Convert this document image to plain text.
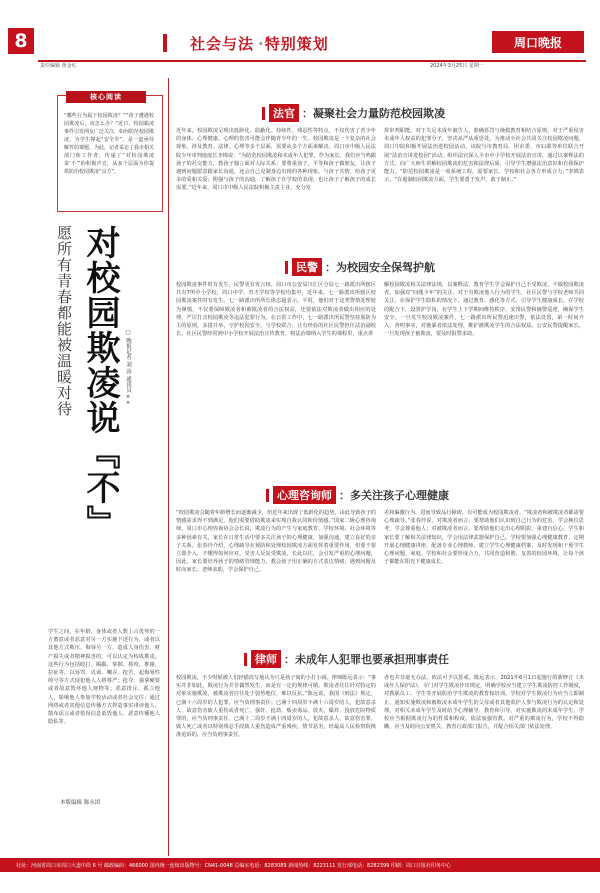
8
责任编辑 黄金红
社会与法 ·特别策划	周口晚报
2024年3月25日 星期一
核心阅读

“哪些行为属于校园欺凌？”“孩子遭遇校园欺凌后，该怎么办？”近日，校园霸凌事件引发网友广泛关注，如何防范校园欺凌，为学生撑起“安全伞”，是一道亟待解答的课题。为此，记者采访了我市相关部门和工作者，传递了“对校园欺凌说‘不’”的积极声音，从多个层面为你提供防治校园欺凌“良方”。

愿所有青春都能被温暖对待 对校园欺凌说『不』 □ 晚报记者 刘 涛 通讯员 ××

学生之间，在年龄、身体或者人数上占优势的一方蓄意或者恶意对另一方实施下述行为，或者以其他方式欺压、侮辱另一方，造成人身伤害、财产损失或者精神损害的，可以认定为构成欺凌。这些行为包括殴打、踢踹、掌掴、抓咬、推撞、拉扯等，以辱骂、讥讽、嘲弄、挖苦、起侮辱性绰号等方式侵犯他人人格尊严；抢夺、强拿硬要或者故意毁坏他人财物等；恶意排斥、孤立他人，影响他人参加学校活动或者社会交往；通过网络或者其他信息传播方式捏造事实诽谤他人、散布谣言或者错误信息诋毁他人、恶意传播他人隐私等。

本版编辑 陈永团
法官 ：凝聚社会力量防范校园欺凌

近年来，校园欺凌呈现出低龄化、隐蔽化、持续性、残忍性等特点，不仅伤害了青少年的身体、心理健康，心理的伤害可能会伴随青少年的一生。校园欺凌是一个复杂的社会现象，涉及教育、法律、心理等多个层面，需要从多个方面来解决。周口市中级人民法院少年审判庭庭长李锦说：“为防范校园欺凌和未成年人犯罪，作为家长，我们应当鸣跟孩子的社交能力，教孩子独立面对人际关系；要尊重孩子，平等和孩子做朋友，让孩子遇到问题愿意跟家长沟通，还会自己克制身边出现的各种现象，与孩子共情，给孩子更多的爱和关爱；附强与孩子的沟通，了解孩子在学校的表现，也让孩子了解孩子的成长需要。”近年来，周口市中级人民法院积极主责主业，充分发

挥审判职能，对于失足未成年被告人，准确惩罚与挽救教育相结合原则，对于严重侵害未成年人权益的犯罪分子，坚决从严从重惩处。为推动全社会共同关注校园欺凌问题，周口中院积极开展法治进校园活动。该院与市教育局、团市委、市妇联等单位联合开展“法治宣讲进校园”活动，组织法官深入全市中小学校开展法治宣讲，通过以案释法的方式，向广大师生讲解校园欺凌的危害和法律后果，引导学生增强法治意识和自我保护能力。“防范校园欺凌是一项系统工程，需要家长、学校和社会各方形成合力，”李锦表示，“在遏制校园欺凌方面，学生要勇于发声、敢于制止。”

民警 ：为校园安全保驾护航

校园欺凌事件时有发生，民警更有发言权。周口市公安局川汇区分局七一路派出所辖区共有7所中小学校，周口中学、育才学校等学校均集中，近年来，七一路派出所辖区校园欺凌案件时有发生。七一路派出所所长徐志超表示，平时，他们对于这类警情处理较为谨慎，不仅要保障欺凌者和被欺凌者的合法权益，还要依法对欺凌者做出相应的处理，严厉打击校园欺凌等违法犯罪行为。在日常工作中，七一路派出所民警坚持预防为主的原则，多措并举，守护校园安全。与学校联合，让有经验的社区民警担任法治副校长，社区民警经常到中小学校开展法治宣传教育，将法治课纳入学生的课程里，重点讲

解校园欺凌相关法律法规，以案释法，教育学生学会保护自己不受欺凌，不做校园欺凌者。加强对“问题少年”的关注，对于有欺凌他人行为的学生，社区民警与学校老师共同关注，在保护学生隐私的情况下，通过教育、感化等方式，引导学生健康成长。在学校的配合下，设置护学岗，在学生上下学期间维持秩序，安排民警和辅警巡逻，确保学生安全。一旦发生校园欺凌案件，七一路派出所民警迅速出警，依法处置，第一时间介入，查明事实，对施暴者依法处理，维护被欺凌学生的合法权益。公安民警提醒家长，一旦发现孩子被欺凌，要及时报警求助。

心理咨询师 ：多关注孩子心理健康

“校园欺凌会随着年龄增长而逐渐减少，但近年来出现了低龄化的趋势，由此导致孩子的情感需求得不到满足，他们需要借助欺凌来实现自我认同和价值感。”国家二级心理咨询师、周口市心理咨询协会会长说，欺凌行为的产生与家庭教育、学校环境、社会环境等多种因素有关，家长在日常生活中要多关注孩子的心理健康，加强沟通，建立良好的亲子关系。张春玲介绍，心理疏导在预防和处理校园欺凌方面发挥着重要作用，但要不要立即介入，不懂得如何应对，受害人反复受欺凌，长此以往，会引发严重的心理问题。因此，家长要培养孩子的情绪管理能力，教会孩子用正确的方式表达情绪，遇到问题及时向家长、老师求助，学会保护自己。

差和偏激行为，进而导致品行障碍，有可能成为校园欺凌者。“欺凌者和被欺凌者都需要心理疏导。”张春玲说，对欺凌者而言，要帮助他们认识到自己行为的危害，学会换位思考，学会尊重他人；对被欺凌者而言，要帮助他们走出心理阴影，重建自信心。学生和家长要了解相关法律知识，学会用法律武器保护自己。学校要加强心理健康教育，定期开展心理健康讲座，配备专业心理教师，建立学生心理健康档案，及时发现和干预学生心理问题。家庭、学校和社会要形成合力，共同营造和谐、友善的校园环境，让每个孩子都能在阳光下健康成长。

律师 ：未成年人犯罪也要承担刑事责任

校园欺凌，不少时候被人们轻描淡写地认为只是孩子间的小打小闹。律师陈远表示：“事实并非如此，欺凌行为并非偶然发生，而是有一定的规律可循。欺凌者往往针对特定的对象实施欺凌，被欺凌者往往处于弱势地位，难以反抗。”陈远说，我国《刑法》规定，已满十六周岁的人犯罪，应当负刑事责任；已满十四周岁不满十六周岁的人，犯故意杀人、故意伤害致人重伤或者死亡、强奸、抢劫、贩卖毒品、放火、爆炸、投放危险物质罪的，应当负刑事责任。已满十二周岁不满十四周岁的人，犯故意杀人、故意伤害罪，致人死亡或者以特别残忍手段致人重伤造成严重残疾，情节恶劣，经最高人民检察院核准追诉的，应当负刑事责任。

者也并非毫无办法，依法可予以惩戒。陈远表示，2021年6月1日起施行的新修订《未成年人保护法》，专门对学生欺凌作出规定，明确学校应当建立学生欺凌防控工作制度，对教职员工、学生等开展防治学生欺凌的教育和培训。学校对学生欺凌行为应当立即制止，通知实施欺凌和被欺凌未成年学生的父母或者其他监护人参与欺凌行为的认定和处理。对相关未成年学生及时给予心理辅导、教育和引导。对实施欺凌的未成年学生，学校应当根据欺凌行为的性质和程度，依法加强管教。对严重的欺凌行为，学校不得隐瞒，应当及时向公安机关、教育行政部门报告，并配合相关部门依法处理。

社址：河南省周口市周口大道中段 6 号 邮政编码：466000 国内统一连续出版物号：CN41-0048 总编室电话：8283089 新闻热线：8223111 发行部电话：8282399 印刷：周口日报社印务中心
